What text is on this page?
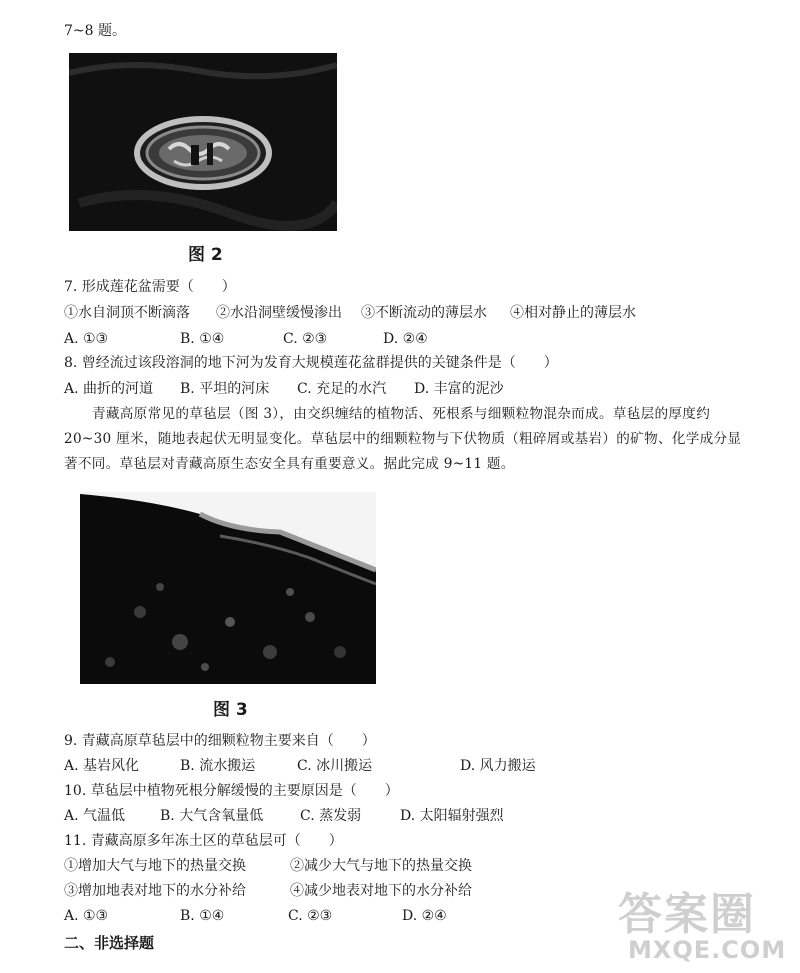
7~8 题。
图 2
7. 形成莲花盆需要（　　）
①水自洞顶不断滴落 ②水沿洞壁缓慢渗出 ③不断流动的薄层水 ④相对静止的薄层水
A. ①③	B. ①④	C. ②③	D. ②④
8. 曾经流过该段溶洞的地下河为发育大规模莲花盆群提供的关键条件是（　　）
A. 曲折的河道 B. 平坦的河床 C. 充足的水汽 D. 丰富的泥沙
青藏高原常见的草毡层（图 3），由交织缠结的植物活、死根系与细颗粒物混杂而成。草毡层的厚度约 20~30 厘米，随地表起伏无明显变化。草毡层中的细颗粒物与下伏物质（粗碎屑或基岩）的矿物、化学成分显著不同。草毡层对青藏高原生态安全具有重要意义。据此完成 9~11 题。
图 3
9. 青藏高原草毡层中的细颗粒物主要来自（　　）
A. 基岩风化	B. 流水搬运	C. 冰川搬运	D. 风力搬运
10. 草毡层中植物死根分解缓慢的主要原因是（　　）
A. 气温低 B. 大气含氧量低	C. 蒸发弱	D. 太阳辐射强烈
11. 青藏高原多年冻土区的草毡层可（　　）
①增加大气与地下的热量交换	②减少大气与地下的热量交换
③增加地表对地下的水分补给	④减少地表对地下的水分补给
A. ①③	B. ①④	C. ②③	D. ②④
二、非选择题
答案圈
MXQE.COM
